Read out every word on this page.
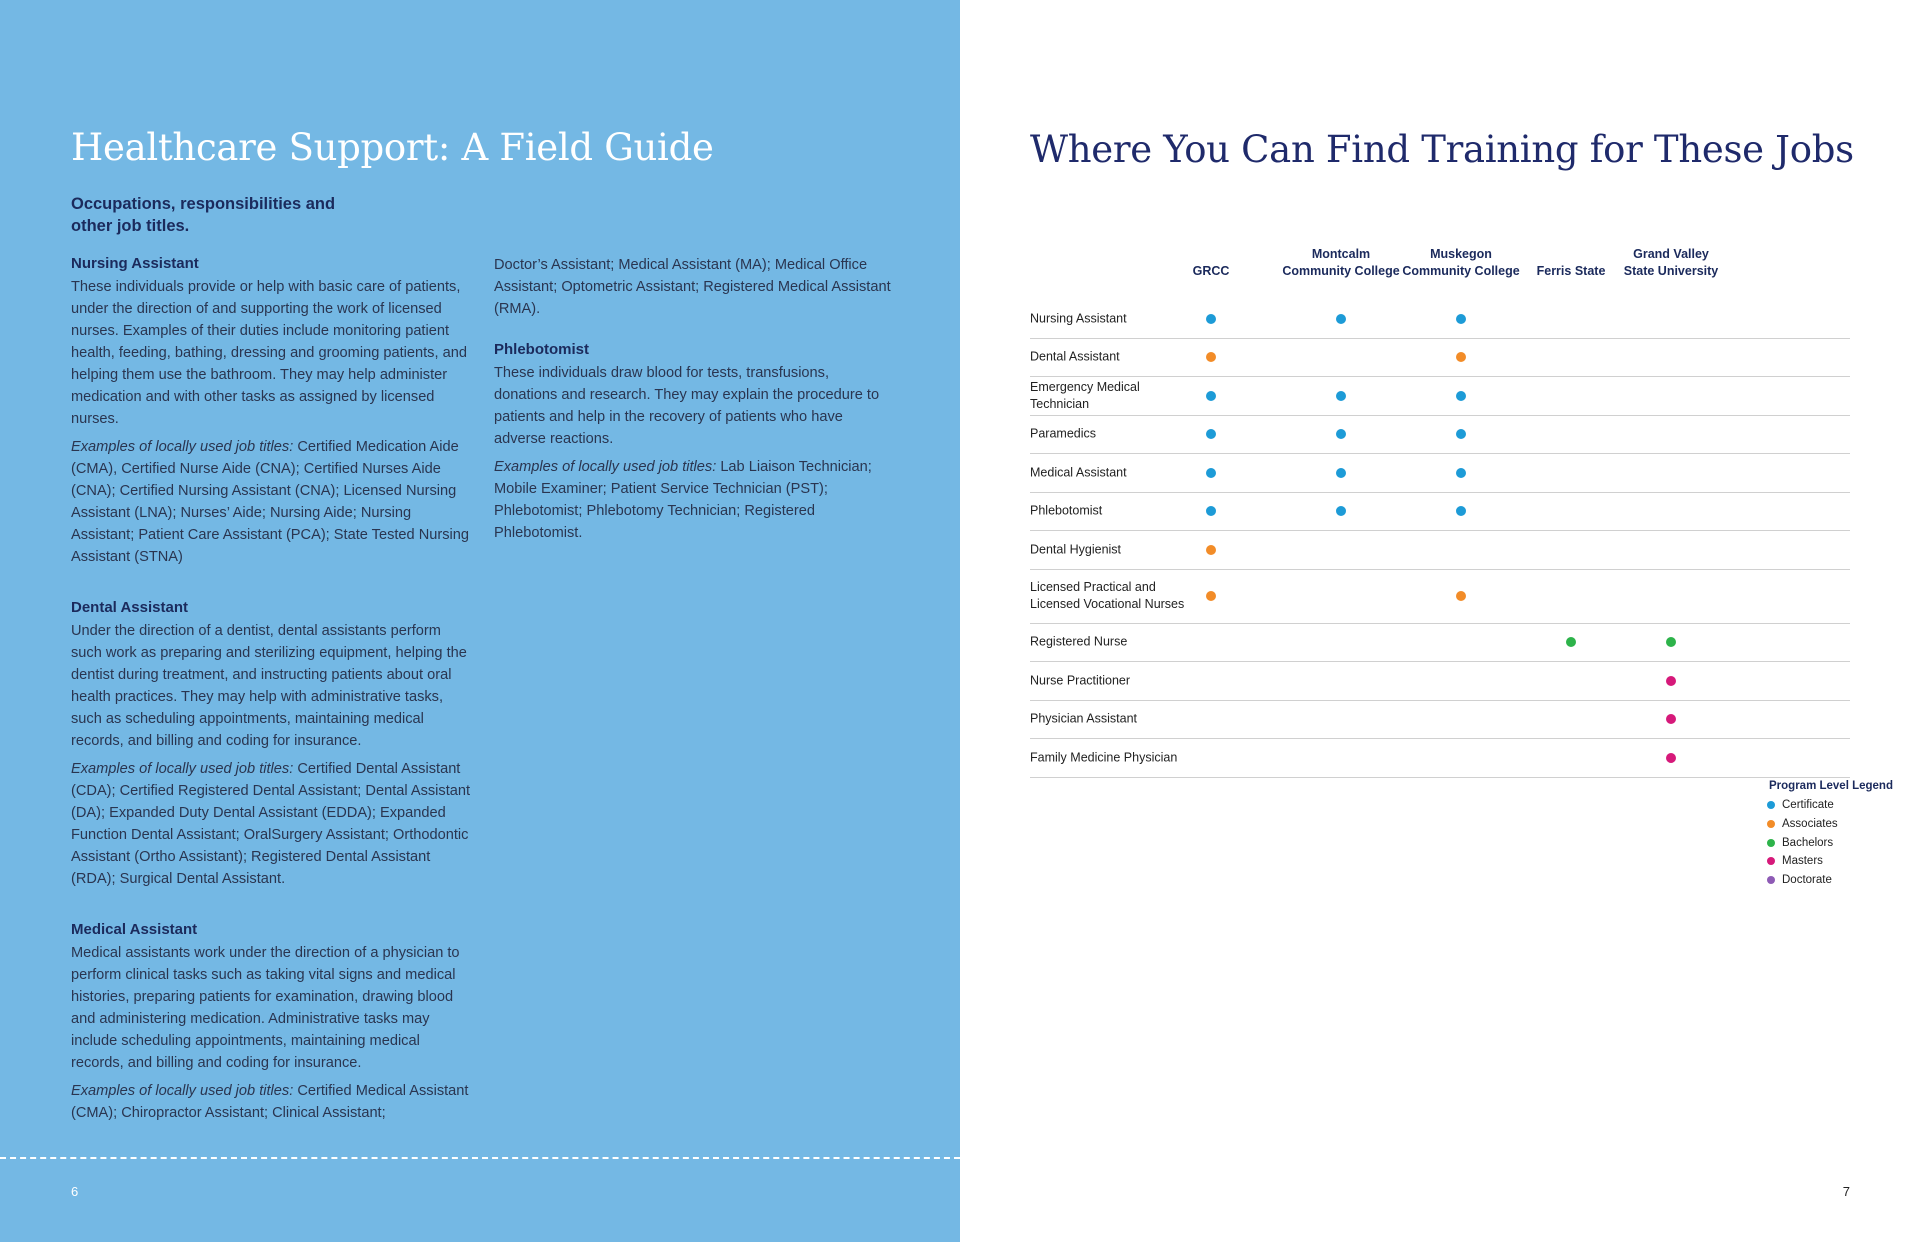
Healthcare Support: A Field Guide
Occupations, responsibilities and other job titles.
Nursing Assistant

These individuals provide or help with basic care of patients, under the direction of and supporting the work of licensed nurses. Examples of their duties include monitoring patient health, feeding, bathing, dressing and grooming patients, and helping them use the bathroom. They may help administer medication and with other tasks as assigned by licensed nurses.

Examples of locally used job titles: Certified Medication Aide (CMA), Certified Nurse Aide (CNA); Certified Nurses Aide (CNA); Certified Nursing Assistant (CNA); Licensed Nursing Assistant (LNA); Nurses’ Aide; Nursing Aide; Nursing Assistant; Patient Care Assistant (PCA); State Tested Nursing Assistant (STNA)

Dental Assistant

Under the direction of a dentist, dental assistants perform such work as preparing and sterilizing equipment, helping the dentist during treatment, and instructing patients about oral health practices. They may help with administrative tasks, such as scheduling appointments, maintaining medical records, and billing and coding for insurance.

Examples of locally used job titles: Certified Dental Assistant (CDA); Certified Registered Dental Assistant; Dental Assistant (DA); Expanded Duty Dental Assistant (EDDA); Expanded Function Dental Assistant; OralSurgery Assistant; Orthodontic Assistant (Ortho Assistant); Registered Dental Assistant (RDA); Surgical Dental Assistant.

Medical Assistant

Medical assistants work under the direction of a physician to perform clinical tasks such as taking vital signs and medical histories, preparing patients for examination, drawing blood and administering medication. Administrative tasks may include scheduling appointments, maintaining medical records, and billing and coding for insurance.

Examples of locally used job titles: Certified Medical Assistant (CMA); Chiropractor Assistant; Clinical Assistant;

Doctor’s Assistant; Medical Assistant (MA); Medical Office Assistant; Optometric Assistant; Registered Medical Assistant (RMA).

Phlebotomist

These individuals draw blood for tests, transfusions, donations and research. They may explain the procedure to patients and help in the recovery of patients who have adverse reactions.

Examples of locally used job titles: Lab Liaison Technician; Mobile Examiner; Patient Service Technician (PST); Phlebotomist; Phlebotomy Technician; Registered Phlebotomist.

6
Where You Can Find Training for These Jobs

GRCC
Montcalm
Community College
Muskegon
Community College
Ferris State
Grand Valley
State University
Nursing Assistant
Dental Assistant
Emergency Medical Technician
Paramedics
Medical Assistant
Phlebotomist
Dental Hygienist
Licensed Practical and Licensed Vocational Nurses
Registered Nurse
Nurse Practitioner
Physician Assistant
Family Medicine Physician
7
Program Level Legend
Certificate
Associates
Bachelors
Masters
Doctorate
